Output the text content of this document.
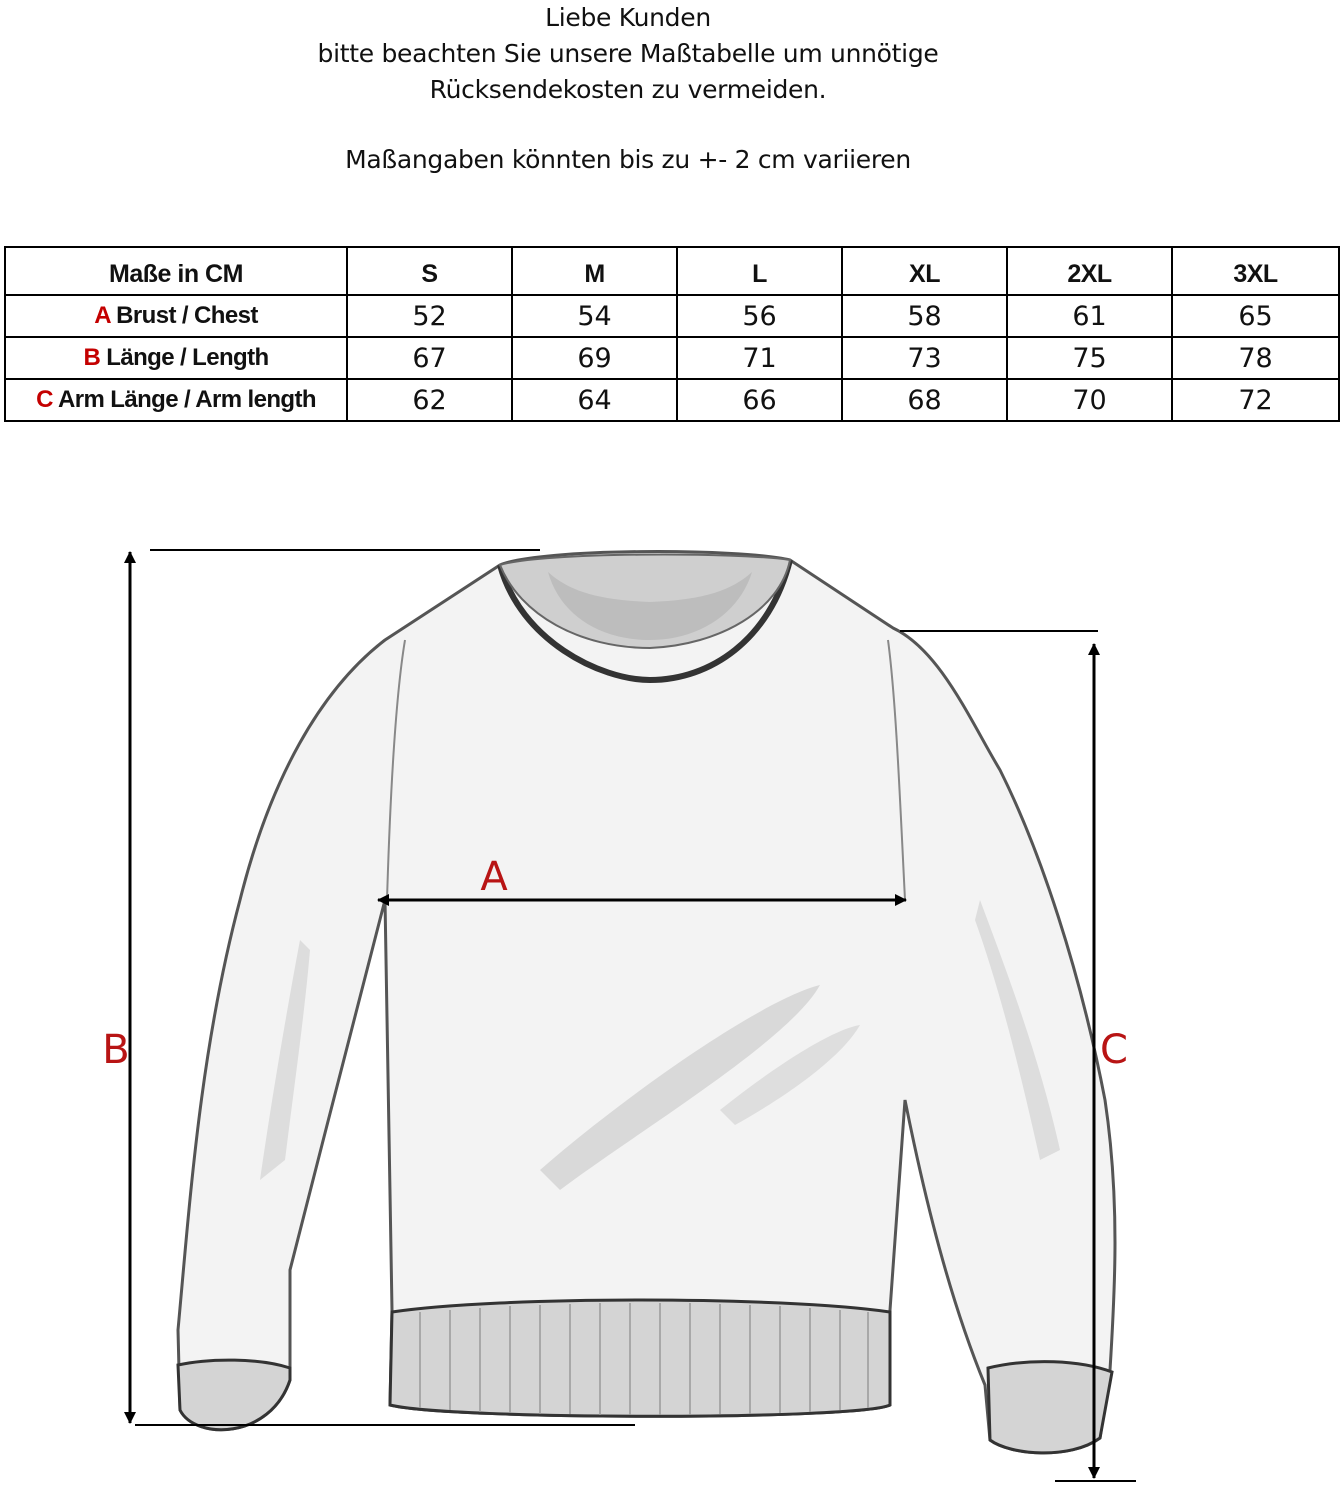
Liebe Kunden
bitte beachten Sie unsere Maßtabelle um unnötige
Rücksendekosten zu vermeiden.
Maßangaben könnten bis zu +- 2 cm variieren
Maße in CM	S	M	L	XL	2XL	3XL
A Brust / Chest	52	54	56	58	61	65
B Länge / Length	67	69	71	73	75	78
C Arm Länge / Arm length	62	64	66	68	70	72
A
B	C
